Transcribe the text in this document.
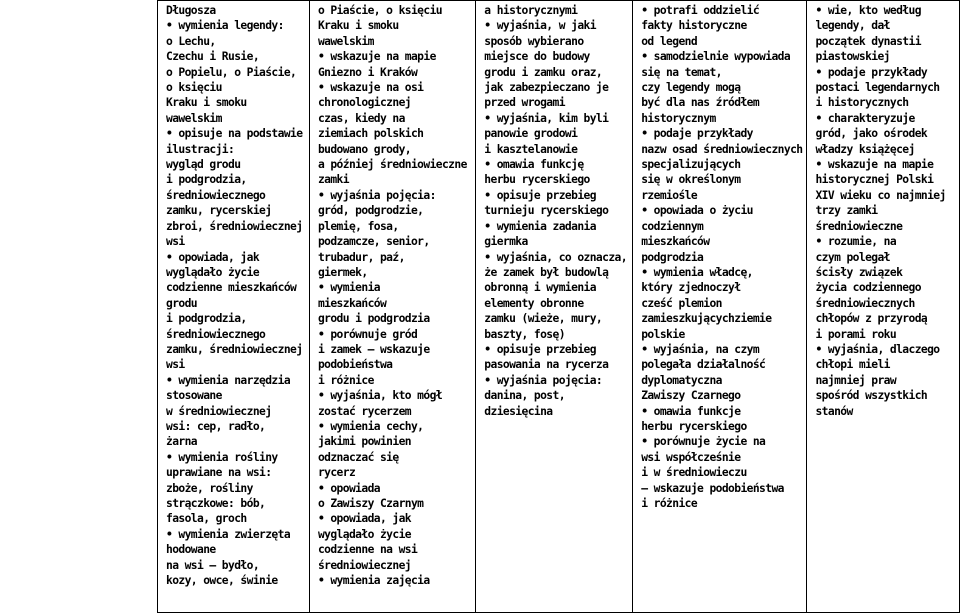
Długosza
• wymienia legendy:
o Lechu,
Czechu i Rusie,
o Popielu, o Piaście,
o księciu
Kraku i smoku
wawelskim
• opisuje na podstawie
ilustracji:
wygląd grodu
i podgrodzia,
średniowiecznego
zamku, rycerskiej
zbroi, średniowiecznej
wsi
• opowiada, jak
wyglądało życie
codzienne mieszkańców
grodu
i podgrodzia,
średniowiecznego
zamku, średniowiecznej
wsi
• wymienia narzędzia
stosowane
w średniowiecznej
wsi: cep, radło,
żarna
• wymienia rośliny
uprawiane na wsi:
zboże, rośliny
strączkowe: bób,
fasola, groch
• wymienia zwierzęta
hodowane
na wsi – bydło,
kozy, owce, świnie

o Piaście, o księciu
Kraku i smoku
wawelskim
• wskazuje na mapie
Gniezno i Kraków
• wskazuje na osi
chronologicznej
czas, kiedy na
ziemiach polskich
budowano grody,
a później średniowieczne
zamki
• wyjaśnia pojęcia:
gród, podgrodzie,
plemię, fosa,
podzamcze, senior,
trubadur, paź,
giermek,
• wymienia
mieszkańców
grodu i podgrodzia
• porównuje gród
i zamek – wskazuje
podobieństwa
i różnice
• wyjaśnia, kto mógł
zostać rycerzem
• wymienia cechy,
jakimi powinien
odznaczać się
rycerz
• opowiada
o Zawiszy Czarnym
• opowiada, jak
wyglądało życie
codzienne na wsi
średniowiecznej
• wymienia zajęcia

a historycznymi
• wyjaśnia, w jaki
sposób wybierano
miejsce do budowy
grodu i zamku oraz,
jak zabezpieczano je
przed wrogami
• wyjaśnia, kim byli
panowie grodowi
i kasztelanowie
• omawia funkcję
herbu rycerskiego
• opisuje przebieg
turnieju rycerskiego
• wymienia zadania
giermka
• wyjaśnia, co oznacza,
że zamek był budowlą
obronną i wymienia
elementy obronne
zamku (wieże, mury,
baszty, fosę)
• opisuje przebieg
pasowania na rycerza
• wyjaśnia pojęcia:
danina, post,
dziesięcina

• potrafi oddzielić
fakty historyczne
od legend
• samodzielnie wypowiada
się na temat,
czy legendy mogą
być dla nas źródłem
historycznym
• podaje przykłady
nazw osad średniowiecznych
specjalizujących
się w określonym
rzemiośle
• opowiada o życiu
codziennym
mieszkańców
podgrodzia
• wymienia władcę,
który zjednoczył
cześć plemion
zamieszkującychziemie
polskie
• wyjaśnia, na czym
polegała działalność
dyplomatyczna
Zawiszy Czarnego
• omawia funkcje
herbu rycerskiego
• porównuje życie na
wsi współcześnie
i w średniowieczu
– wskazuje podobieństwa
i różnice

• wie, kto według
legendy, dał
początek dynastii
piastowskiej
• podaje przykłady
postaci legendarnych
i historycznych
• charakteryzuje
gród, jako ośrodek
władzy książęcej
• wskazuje na mapie
historycznej Polski
XIV wieku co najmniej
trzy zamki
średniowieczne
• rozumie, na
czym polegał
ścisły związek
życia codziennego
średniowiecznych
chłopów z przyrodą
i porami roku
• wyjaśnia, dlaczego
chłopi mieli
najmniej praw
spośród wszystkich
stanów
